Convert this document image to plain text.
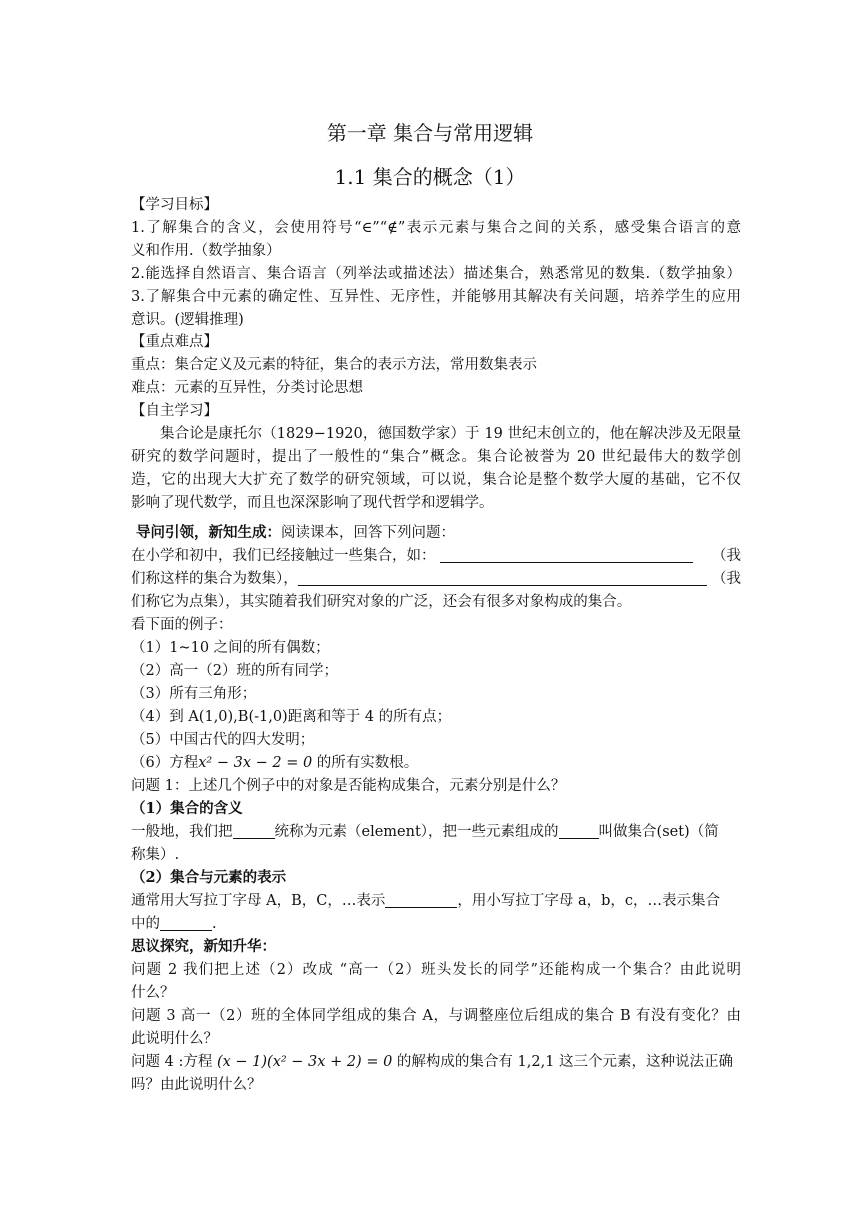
第一章 集合与常用逻辑
1.1 集合的概念（1）
【学习目标】
1.了解集合的含义，会使用符号“∈”“∉”表示元素与集合之间的关系，感受集合语言的意
义和作用.（数学抽象）
2.能选择自然语言、集合语言（列举法或描述法）描述集合，熟悉常见的数集.（数学抽象）
3.了解集合中元素的确定性、互异性、无序性，并能够用其解决有关问题，培养学生的应用
意识。(逻辑推理)
【重点难点】
重点：集合定义及元素的特征，集合的表示方法，常用数集表示
难点：元素的互异性，分类讨论思想
【自主学习】
集合论是康托尔（1829−1920，德国数学家）于 19 世纪末创立的，他在解决涉及无限量
研究的数学问题时，提出了一般性的“集合”概念。集合论被誉为 20 世纪最伟大的数学创
造，它的出现大大扩充了数学的研究领域，可以说，集合论是整个数学大厦的基础，它不仅
影响了现代数学，而且也深深影响了现代哲学和逻辑学。
导问引领，新知生成：阅读课本，回答下列问题：
在小学和初中，我们已经接触过一些集合，如：	（我
们称这样的集合为数集），	（我
们称它为点集），其实随着我们研究对象的广泛，还会有很多对象构成的集合。
看下面的例子：
（1）1~10 之间的所有偶数；
（2）高一（2）班的所有同学；
（3）所有三角形；
（4）到 A(1,0),B(-1,0)距离和等于 4 的所有点；
（5）中国古代的四大发明；
（6）方程x² − 3x − 2 = 0 的所有实数根。
问题 1：上述几个例子中的对象是否能构成集合，元素分别是什么？
（1）集合的含义
一般地，我们把	统称为元素（element），把一些元素组成的	叫做集合(set)（简
称集）.
（2）集合与元素的表示
通常用大写拉丁字母 A，B，C，…表示	，用小写拉丁字母 a，b，c，…表示集合
中的	.
思议探究，新知升华：
问题 2 我们把上述（2）改成 “高一（2）班头发长的同学”还能构成一个集合？由此说明
什么？
问题 3 高一（2）班的全体同学组成的集合 A，与调整座位后组成的集合 B 有没有变化？由
此说明什么？
问题 4 :方程 (x − 1)(x² − 3x + 2) = 0 的解构成的集合有 1,2,1 这三个元素，这种说法正确
吗？由此说明什么？
